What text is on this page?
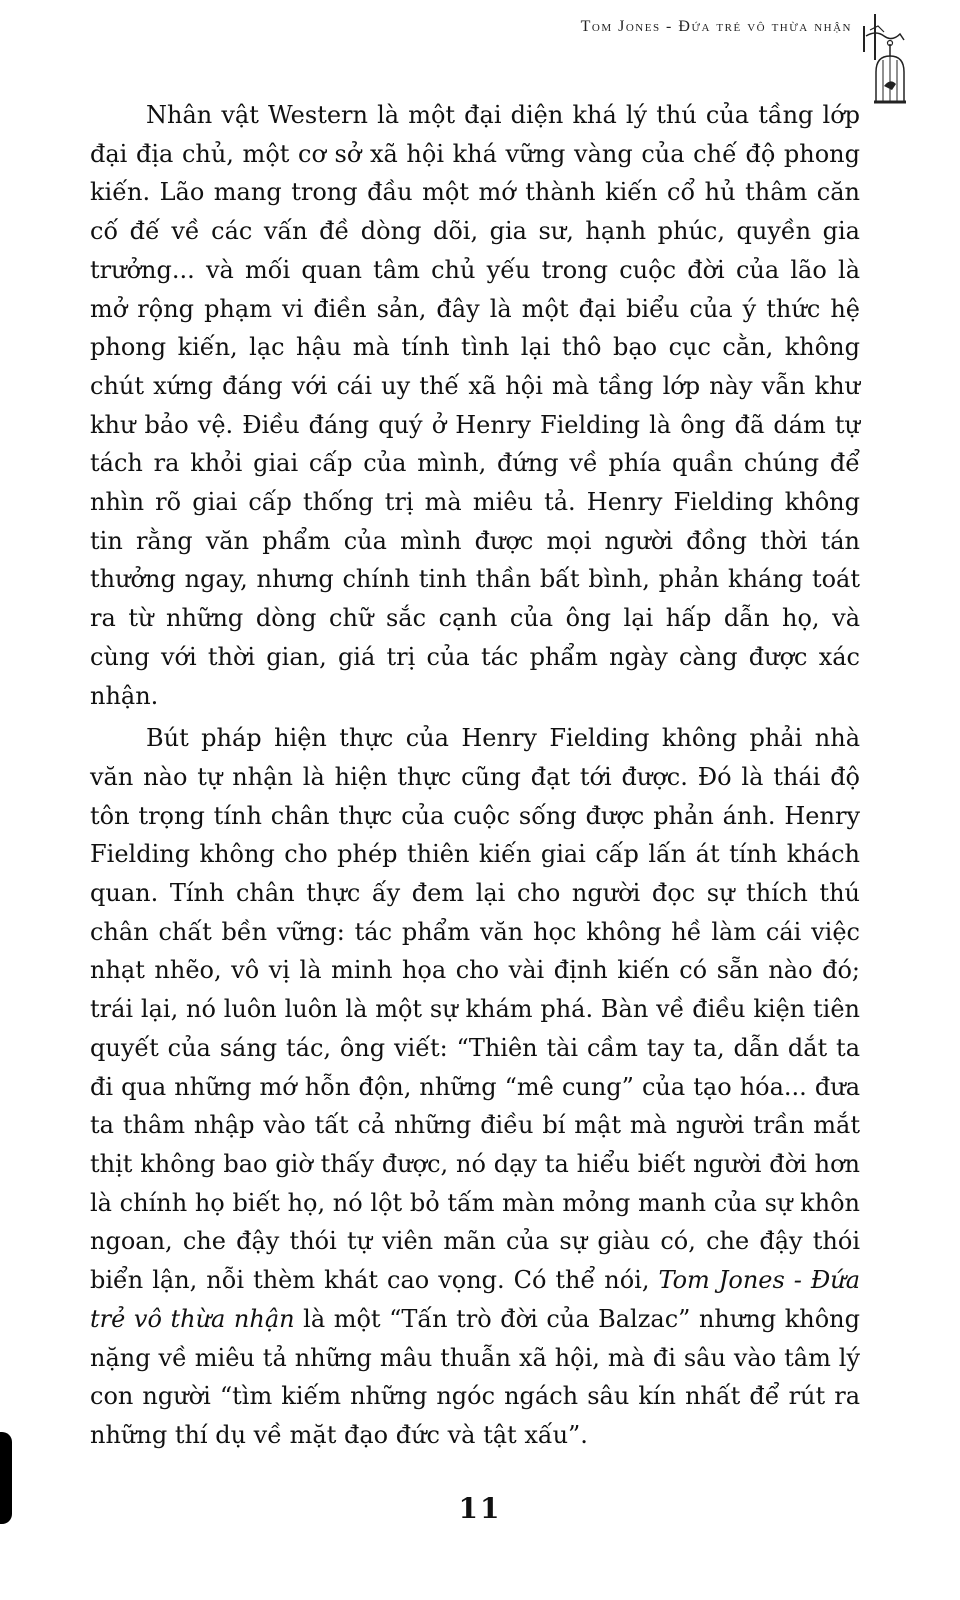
Tom Jones - Đứa trẻ vô thừa nhận

Nhân vật Western là một đại diện khá lý thú của tầng lớp đại địa chủ, một cơ sở xã hội khá vững vàng của chế độ phong kiến. Lão mang trong đầu một mớ thành kiến cổ hủ thâm căn cố đế về các vấn đề dòng dõi, gia sư, hạnh phúc, quyền gia trưởng... và mối quan tâm chủ yếu trong cuộc đời của lão là mở rộng phạm vi điền sản, đây là một đại biểu của ý thức hệ phong kiến, lạc hậu mà tính tình lại thô bạo cục cằn, không chút xứng đáng với cái uy thế xã hội mà tầng lớp này vẫn khư khư bảo vệ. Điều đáng quý ở Henry Fielding là ông đã dám tự tách ra khỏi giai cấp của mình, đứng về phía quần chúng để nhìn rõ giai cấp thống trị mà miêu tả. Henry Fielding không tin rằng văn phẩm của mình được mọi người đồng thời tán thưởng ngay, nhưng chính tinh thần bất bình, phản kháng toát ra từ những dòng chữ sắc cạnh của ông lại hấp dẫn họ, và cùng với thời gian, giá trị của tác phẩm ngày càng được xác nhận.

Bút pháp hiện thực của Henry Fielding không phải nhà văn nào tự nhận là hiện thực cũng đạt tới được. Đó là thái độ tôn trọng tính chân thực của cuộc sống được phản ánh. Henry Fielding không cho phép thiên kiến giai cấp lấn át tính khách quan. Tính chân thực ấy đem lại cho người đọc sự thích thú chân chất bền vững: tác phẩm văn học không hề làm cái việc nhạt nhẽo, vô vị là minh họa cho vài định kiến có sẵn nào đó; trái lại, nó luôn luôn là một sự khám phá. Bàn về điều kiện tiên quyết của sáng tác, ông viết: “Thiên tài cầm tay ta, dẫn dắt ta đi qua những mớ hỗn độn, những “mê cung” của tạo hóa... đưa ta thâm nhập vào tất cả những điều bí mật mà người trần mắt thịt không bao giờ thấy được, nó dạy ta hiểu biết người đời hơn là chính họ biết họ, nó lột bỏ tấm màn mỏng manh của sự khôn ngoan, che đậy thói tự viên mãn của sự giàu có, che đậy thói biển lận, nỗi thèm khát cao vọng. Có thể nói, Tom Jones - Đứa trẻ vô thừa nhận là một “Tấn trò đời của Balzac” nhưng không nặng về miêu tả những mâu thuẫn xã hội, mà đi sâu vào tâm lý con người “tìm kiếm những ngóc ngách sâu kín nhất để rút ra những thí dụ về mặt đạo đức và tật xấu”.

11
